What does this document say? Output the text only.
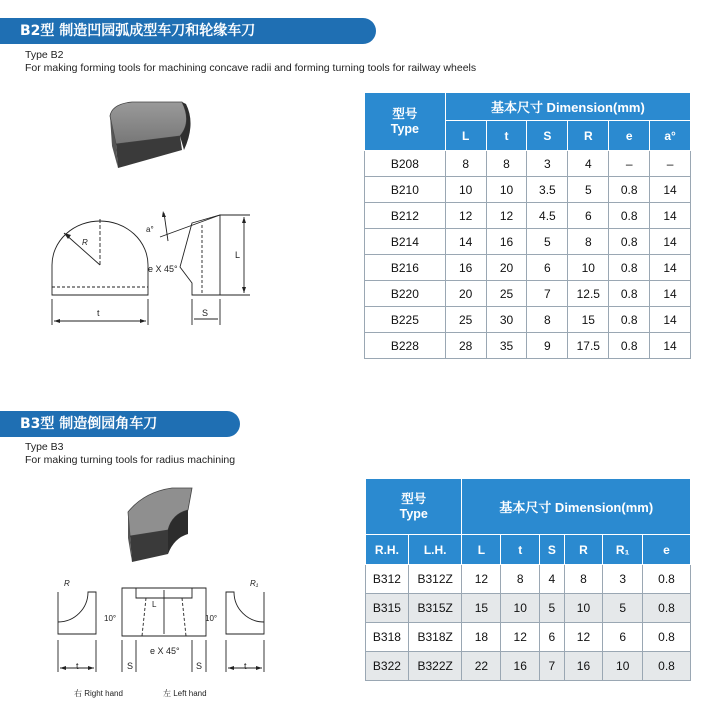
B2型 制造凹园弧成型车刀和轮缘车刀
Type B2
For making forming tools for machining concave radii and forming turning tools for railway wheels
R
a°
e X 45°
t
L
S
型号
Type	基本尺寸 Dimension(mm)					
	L	t	S	R	e	a°
B208	8	8	3	4	–	–
B210	10	10	3.5	5	0.8	14
B212	12	12	4.5	6	0.8	14
B214	14	16	5	8	0.8	14
B216	16	20	6	10	0.8	14
B220	20	25	7	12.5	0.8	14
B225	25	30	8	15	0.8	14
B228	28	35	9	17.5	0.8	14
B3型 制造倒园角车刀
Type B3
For making turning tools for radius machining
R	R₁
10°	10°
L
e X 45°
t	S	S	t
右 Right hand	左 Left hand
型号
Type		基本尺寸 Dimension(mm)					
R.H.	L.H.	L	t	S	R	R₁	e
B312	B312Z	12	8	4	8	3	0.8
B315	B315Z	15	10	5	10	5	0.8
B318	B318Z	18	12	6	12	6	0.8
B322	B322Z	22	16	7	16	10	0.8
